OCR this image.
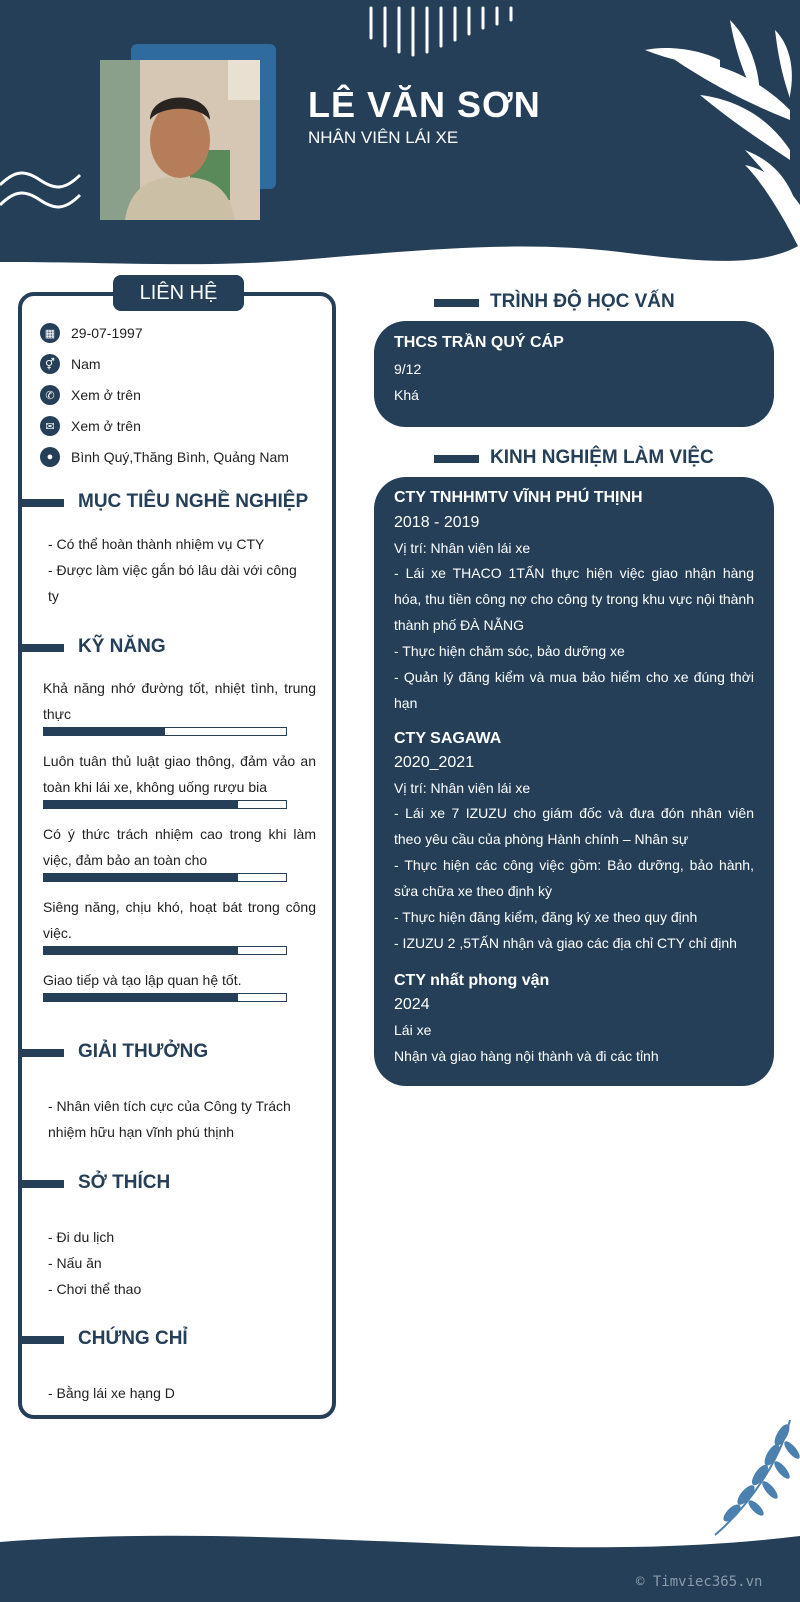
LÊ VĂN SƠN
NHÂN VIÊN LÁI XE
LIÊN HỆ
▦	29-07-1997
⚥	Nam
✆	Xem ở trên
✉	Xem ở trên
●	Bình Quý,Thăng Bình, Quảng Nam
MỤC TIÊU NGHỀ NGHIỆP
- Có thể hoàn thành nhiệm vụ CTY
- Được làm việc gắn bó lâu dài với công ty
KỸ NĂNG
Khả năng nhớ đường tốt, nhiệt tình, trung thực
Luôn tuân thủ luật giao thông, đảm vảo an toàn khi lái xe, không uống rượu bia
Có ý thức trách nhiệm cao trong khi làm việc, đảm bảo an toàn cho
Siêng năng, chịu khó, hoạt bát trong công việc.
Giao tiếp và tạo lập quan hệ tốt.
GIẢI THƯỞNG
- Nhân viên tích cực của Công ty Trách nhiệm hữu hạn vĩnh phú thịnh
SỞ THÍCH
- Đi du lịch
- Nấu ăn
- Chơi thể thao
CHỨNG CHỈ
- Bằng lái xe hạng D
TRÌNH ĐỘ HỌC VẤN
THCS TRẦN QUÝ CÁP
9/12
Khá
KINH NGHIỆM LÀM VIỆC
CTY TNHHMTV VĨNH PHÚ THỊNH
2018 - 2019
Vị trí: Nhân viên lái xe
- Lái xe THACO 1TẤN thực hiện việc giao nhận hàng hóa, thu tiền công nợ cho công ty trong khu vực nội thành thành phố ĐÀ NẴNG
- Thực hiện chăm sóc, bảo dưỡng xe
- Quản lý đăng kiểm và mua bảo hiểm cho xe đúng thời hạn
CTY SAGAWA
2020_2021
Vị trí: Nhân viên lái xe
- Lái xe 7 IZUZU cho giám đốc và đưa đón nhân viên theo yêu cầu của phòng Hành chính – Nhân sự
- Thực hiện các công việc gồm: Bảo dưỡng, bảo hành, sửa chữa xe theo định kỳ
- Thực hiện đăng kiểm, đăng ký xe theo quy định
- IZUZU 2 ,5TẤN nhận và giao các địa chỉ CTY chỉ định
CTY nhất phong vận
2024
Lái xe
Nhận và giao hàng nội thành và đi các tỉnh
© Timviec365.vn
